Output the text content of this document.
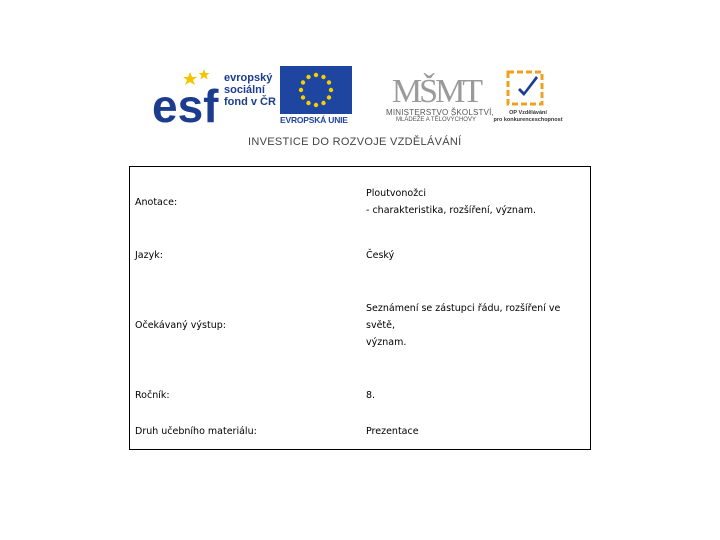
esf
evropský
sociální
fond v ČR
EVROPSKÁ UNIE
MŠMT
MINISTERSTVO ŠKOLSTVÍ,
MLÁDEŽE A TĚLOVÝCHOVY
OP Vzdělávání
pro konkurenceschopnost
INVESTICE DO ROZVOJE VZDĚLÁVÁNÍ
Anotace:	Ploutvonožci
- charakteristika, rozšíření, význam.

Jazyk:	Český

Očekávaný výstup:	Seznámení se zástupci řádu, rozšíření ve světě,
význam.

Ročník:	8.

Druh učebního materiálu:	Prezentace
